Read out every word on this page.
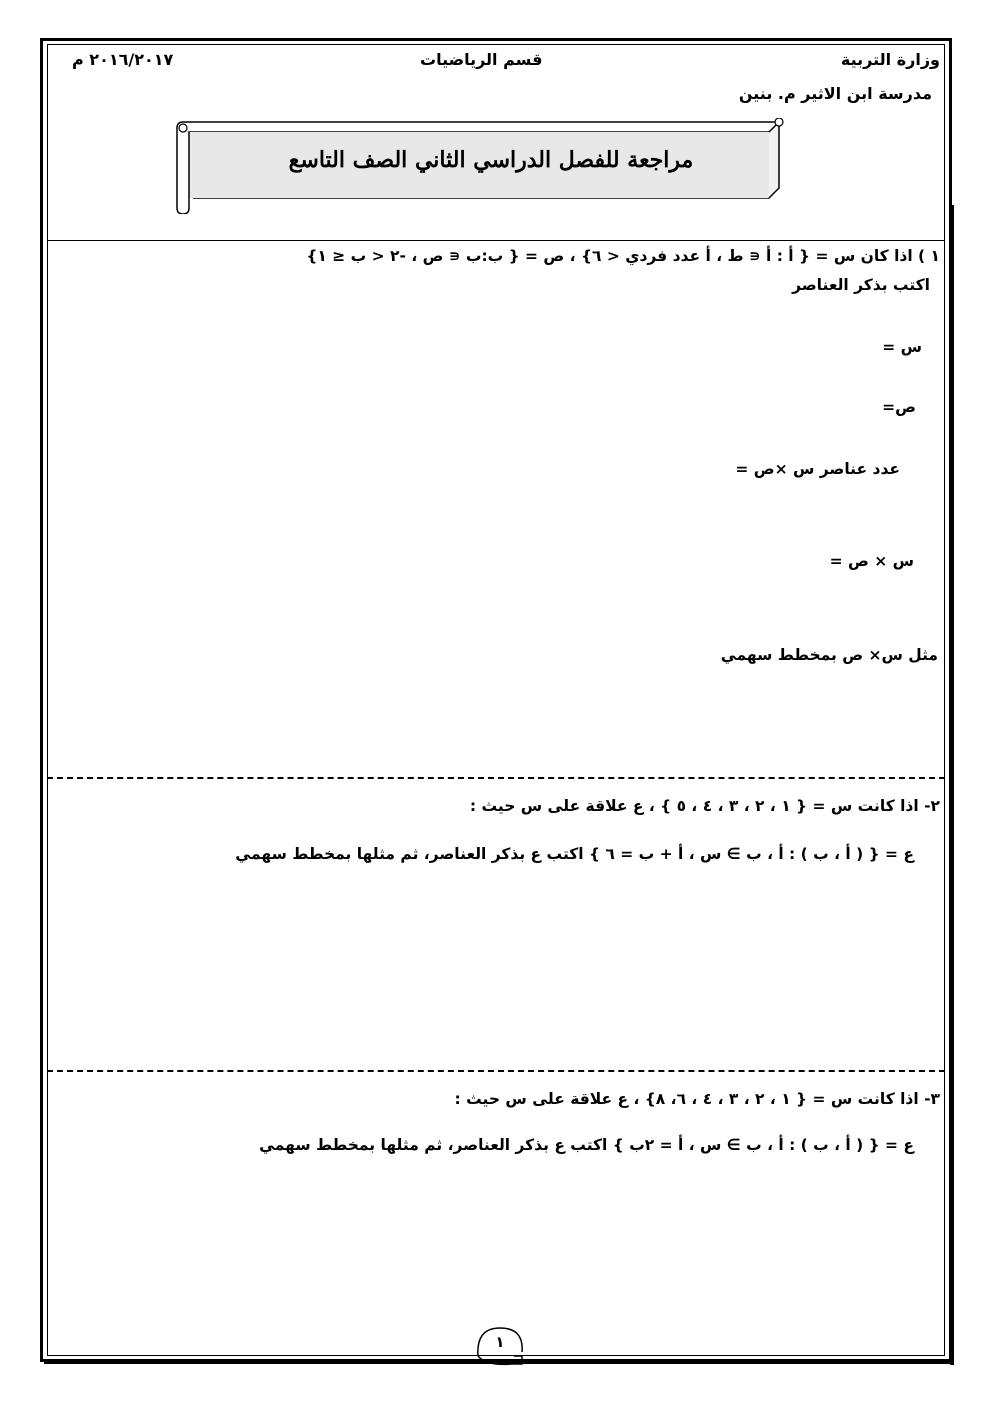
وزارة التربية
قسم الرياضيات
٢٠١٦/٢٠١٧ م
مدرسة ابن الاثير م. بنين
مراجعة للفصل الدراسي الثاني الصف التاسع
١ ) اذا كان س = { أ : أ ∊ ط ، أ عدد فردي < ٦} ، ص = { ب:ب ∊ ص ، -٢ < ب ≤ ١}
اكتب بذكر العناصر
س =
ص=
عدد عناصر س ×ص =
س × ص =
مثل س× ص بمخطط سهمي
٢- اذا كانت س = { ١ ، ٢ ، ٣ ، ٤ ، ٥ } ، ع علاقة على س حيث :
ع = { ( أ ، ب ) : أ ، ب ∋ س ، أ + ب = ٦ } اكتب ع بذكر العناصر، ثم مثلها بمخطط سهمي
٣- اذا كانت س = { ١ ، ٢ ، ٣ ، ٤ ، ٦، ٨} ، ع علاقة على س حيث :
ع = { ( أ ، ب ) : أ ، ب ∋ س ، أ = ٢ب } اكتب ع بذكر العناصر، ثم مثلها بمخطط سهمي
١
